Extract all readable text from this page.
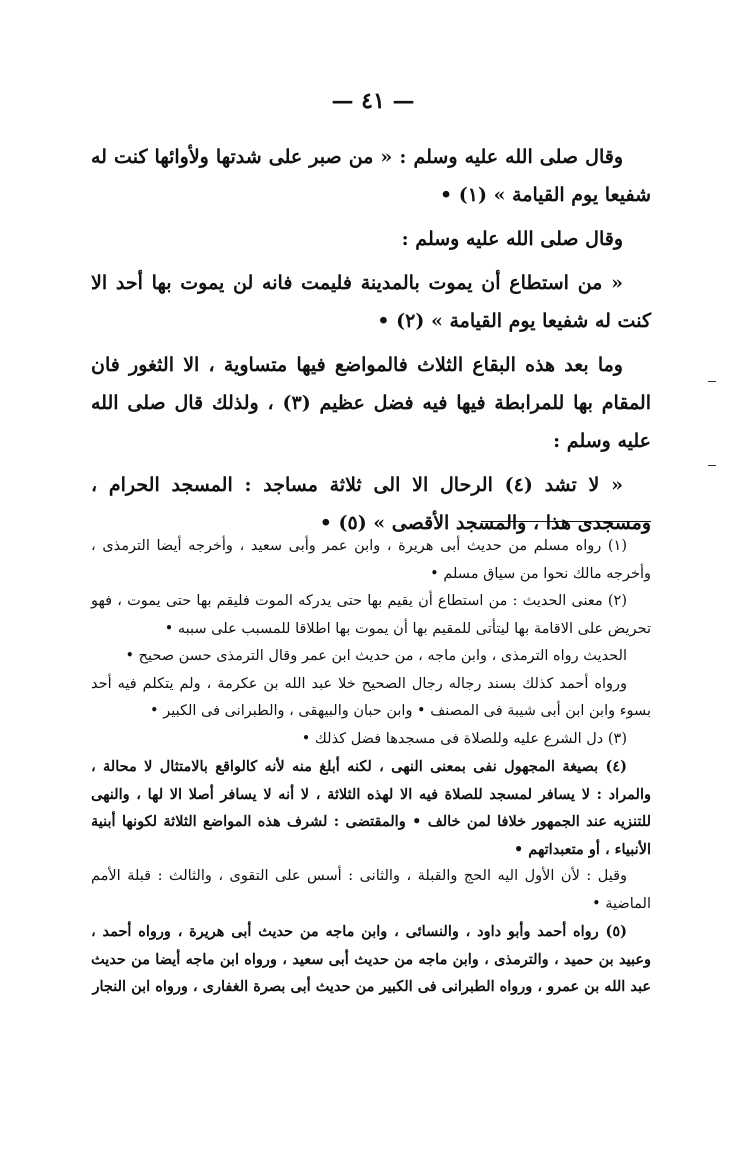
— ٤١ —

وقال صلى الله عليه وسلم : « من صبر على شدتها ولأوائها كنت له شفيعا يوم القيامة » (١) •

وقال صلى الله عليه وسلم :

« من استطاع أن يموت بالمدينة فليمت فانه لن يموت بها أحد الا كنت له شفيعا يوم القيامة » (٢) •

وما بعد هذه البقاع الثلاث فالمواضع فيها متساوية ، الا الثغور فان المقام بها للمرابطة فيها فيه فضل عظيم (٣) ، ولذلك قال صلى الله عليه وسلم :

« لا تشد (٤) الرحال الا الى ثلاثة مساجد : المسجد الحرام ، ومسجدى هذا ، والمسجد الأقصى » (٥) •

(١) رواه مسلم من حديث أبى هريرة ، وابن عمر وأبى سعيد ، وأخرجه أيضا الترمذى ، وأخرجه مالك نحوا من سياق مسلم •

(٢) معنى الحديث : من استطاع أن يقيم بها حتى يدركه الموت فليقم بها حتى يموت ، فهو تحريض على الاقامة بها ليتأتى للمقيم بها أن يموت بها اطلاقا للمسبب على سببه •

الحديث رواه الترمذى ، وابن ماجه ، من حديث ابن عمر وقال الترمذى حسن صحيح •

ورواه أحمد كذلك بسند رجاله رجال الصحيح خلا عبد الله بن عكرمة ، ولم يتكلم فيه أحد بسوء وابن ابن أبى شيبة فى المصنف • وابن حبان والبيهقى ، والطبرانى فى الكبير •

(٣) دل الشرع عليه وللصلاة فى مسجدها فضل كذلك •

(٤) بصيغة المجهول نفى بمعنى النهى ، لكنه أبلغ منه لأنه كالواقع بالامتثال لا محالة ، والمراد : لا يسافر لمسجد للصلاة فيه الا لهذه الثلاثة ، لا أنه لا يسافر أصلا الا لها ، والنهى للتنزيه عند الجمهور خلافا لمن خالف • والمقتضى : لشرف هذه المواضع الثلاثة لكونها أبنية الأنبياء ، أو متعبداتهم •

وقيل : لأن الأول اليه الحج والقبلة ، والثانى : أسس على التقوى ، والثالث : قبلة الأمم الماضية •

(٥) رواه أحمد وأبو داود ، والنسائى ، وابن ماجه من حديث أبى هريرة ، ورواه أحمد ، وعبيد بن حميد ، والترمذى ، وابن ماجه من حديث أبى سعيد ، ورواه ابن ماجه أيضا من حديث عبد الله بن عمرو ، ورواه الطبرانى فى الكبير من حديث أبى بصرة الغفارى ، ورواه ابن النجار
